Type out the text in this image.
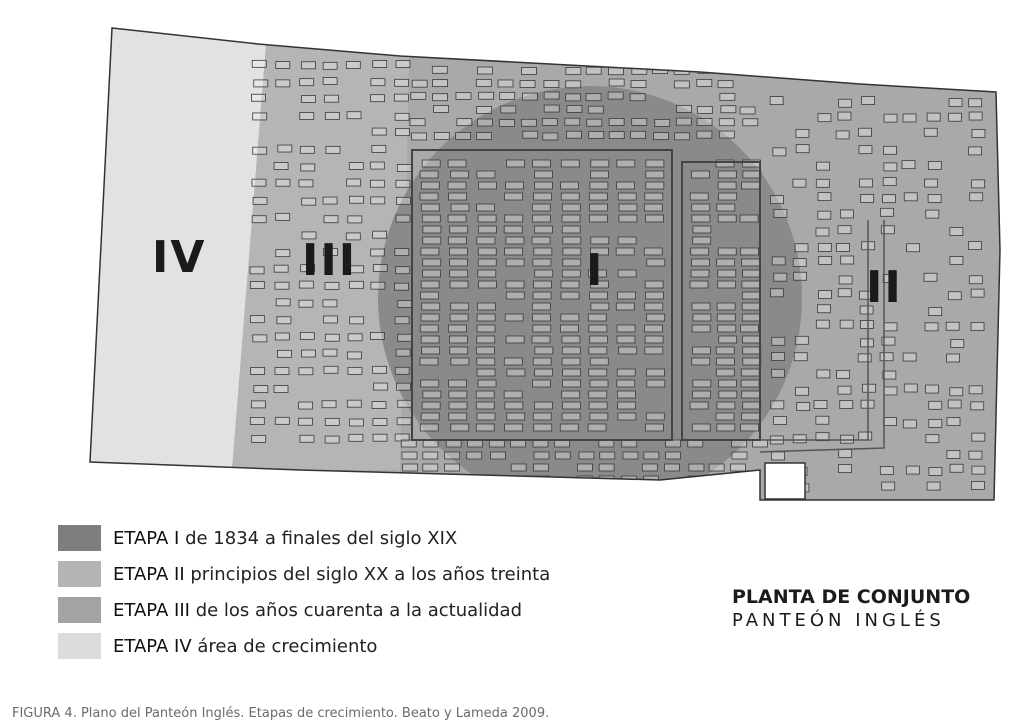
IV III	I	II
ETAPA I de 1834 a finales del siglo XIX
ETAPA II principios del siglo XX a los años treinta
ETAPA III de los años cuarenta a la actualidad
ETAPA IV área de crecimiento
PLANTA DE CONJUNTO
PANTEÓN INGLÉS
FIGURA 4. Plano del Panteón Inglés. Etapas de crecimiento. Beato y Lameda 2009.
